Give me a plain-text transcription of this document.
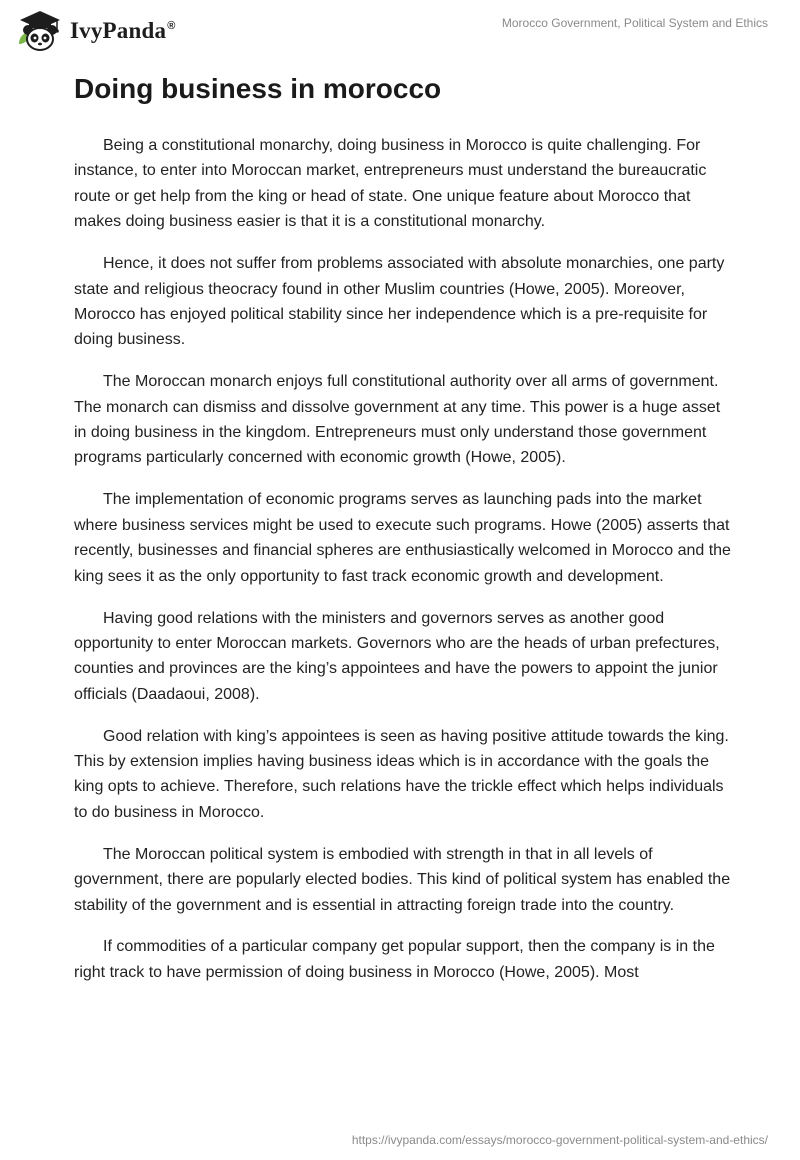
IvyPanda®	Morocco Government, Political System and Ethics
Doing business in morocco

Being a constitutional monarchy, doing business in Morocco is quite challenging. For instance, to enter into Moroccan market, entrepreneurs must understand the bureaucratic route or get help from the king or head of state. One unique feature about Morocco that makes doing business easier is that it is a constitutional monarchy.

Hence, it does not suffer from problems associated with absolute monarchies, one party state and religious theocracy found in other Muslim countries (Howe, 2005). Moreover, Morocco has enjoyed political stability since her independence which is a pre-requisite for doing business.

The Moroccan monarch enjoys full constitutional authority over all arms of government. The monarch can dismiss and dissolve government at any time. This power is a huge asset in doing business in the kingdom. Entrepreneurs must only understand those government programs particularly concerned with economic growth (Howe, 2005).

The implementation of economic programs serves as launching pads into the market where business services might be used to execute such programs. Howe (2005) asserts that recently, businesses and financial spheres are enthusiastically welcomed in Morocco and the king sees it as the only opportunity to fast track economic growth and development.

Having good relations with the ministers and governors serves as another good opportunity to enter Moroccan markets. Governors who are the heads of urban prefectures, counties and provinces are the king’s appointees and have the powers to appoint the junior officials (Daadaoui, 2008).

Good relation with king’s appointees is seen as having positive attitude towards the king. This by extension implies having business ideas which is in accordance with the goals the king opts to achieve. Therefore, such relations have the trickle effect which helps individuals to do business in Morocco.

The Moroccan political system is embodied with strength in that in all levels of government, there are popularly elected bodies. This kind of political system has enabled the stability of the government and is essential in attracting foreign trade into the country.

If commodities of a particular company get popular support, then the company is in the right track to have permission of doing business in Morocco (Howe, 2005). Most

https://ivypanda.com/essays/morocco-government-political-system-and-ethics/
